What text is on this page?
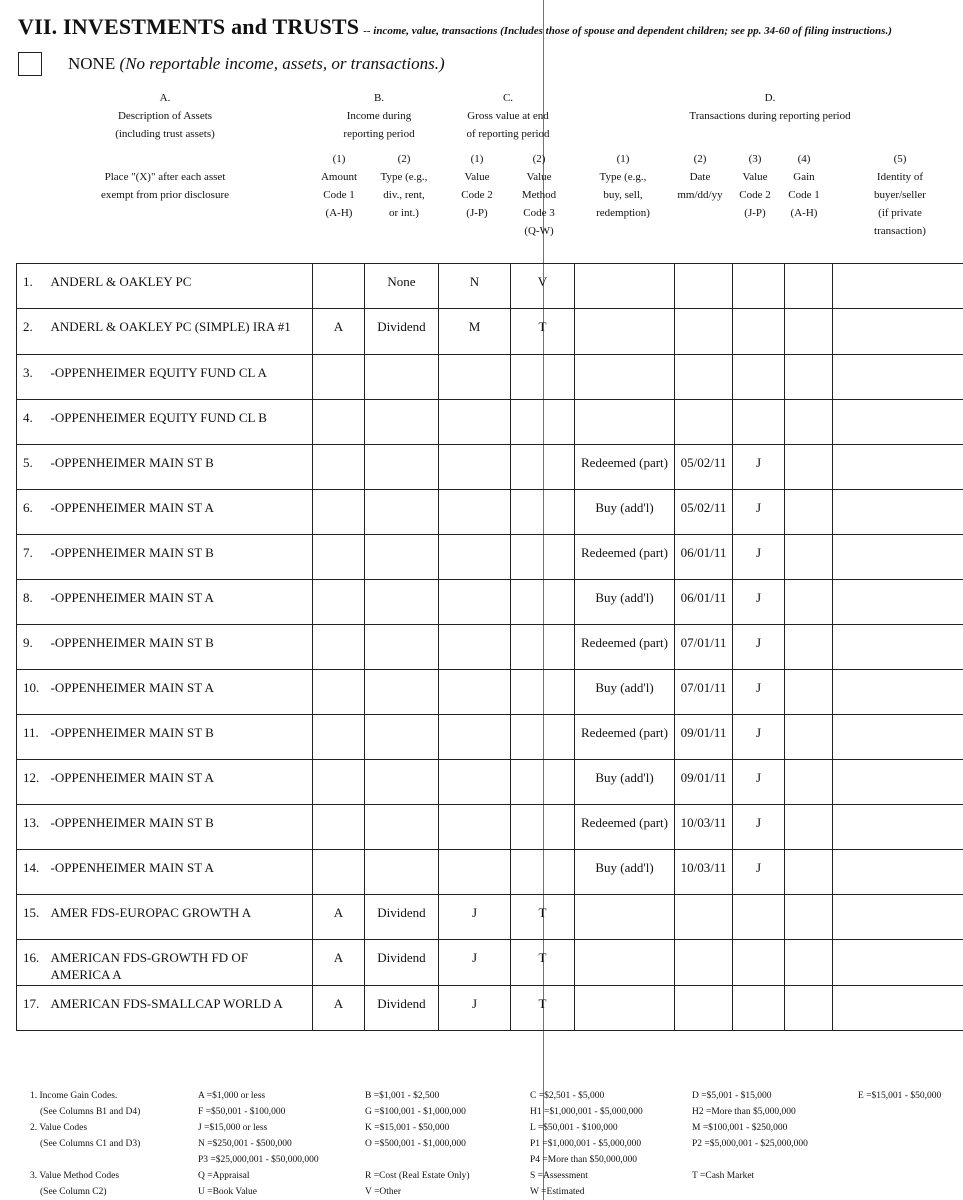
VII. INVESTMENTS and TRUSTS -- income, value, transactions (Includes those of spouse and dependent children; see pp. 34-60 of filing instructions.)
NONE (No reportable income, assets, or transactions.)
A.
Description of Assets
(including trust assets)
Place "(X)" after each asset
exempt from prior disclosure
B.
Income during
reporting period
(1)
Amount
Code 1
(A-H)
(2)
Type (e.g.,
div., rent,
or int.)
C.
Gross value at end
of reporting period
(1)
Value
Code 2
(J-P)
(2)
Value
Method
Code 3
(Q-W)
D.
Transactions during reporting period
(1)
Type (e.g.,
buy, sell,
redemption)
(2)
Date
mm/dd/yy
(3)
Value
Code 2
(J-P)
(4)
Gain
Code 1
(A-H)
(5)
Identity of
buyer/seller
(if private
transaction)
1.	ANDERL & OAKLEY PC		None	N	V					
2.	ANDERL & OAKLEY PC (SIMPLE) IRA #1	A	Dividend	M	T					
3.	-OPPENHEIMER EQUITY FUND CL A									
4.	-OPPENHEIMER EQUITY FUND CL B									
5.	-OPPENHEIMER MAIN ST B					Redeemed (part)	05/02/11	J		
6.	-OPPENHEIMER MAIN ST A					Buy (add'l)	05/02/11	J		
7.	-OPPENHEIMER MAIN ST B					Redeemed (part)	06/01/11	J		
8.	-OPPENHEIMER MAIN ST A					Buy (add'l)	06/01/11	J		
9.	-OPPENHEIMER MAIN ST B					Redeemed (part)	07/01/11	J		
10.	-OPPENHEIMER MAIN ST A					Buy (add'l)	07/01/11	J		
11.	-OPPENHEIMER MAIN ST B					Redeemed (part)	09/01/11	J		
12.	-OPPENHEIMER MAIN ST A					Buy (add'l)	09/01/11	J		
13.	-OPPENHEIMER MAIN ST B					Redeemed (part)	10/03/11	J		
14.	-OPPENHEIMER MAIN ST A					Buy (add'l)	10/03/11	J		
15.	AMER FDS-EUROPAC GROWTH A	A	Dividend	J	T					
16.	AMERICAN FDS-GROWTH FD OF AMERICA A	A	Dividend	J	T					
17.	AMERICAN FDS-SMALLCAP WORLD A	A	Dividend	J	T					
1. Income Gain Codes.
(See Columns B1 and D4)
2. Value Codes
(See Columns C1 and D3)

3. Value Method Codes
(See Column C2)
A =$1,000 or less
F =$50,001 - $100,000
J =$15,000 or less
N =$250,001 - $500,000
P3 =$25,000,001 - $50,000,000
Q =Appraisal
U =Book Value
B =$1,001 - $2,500
G =$100,001 - $1,000,000
K =$15,001 - $50,000
O =$500,001 - $1,000,000

R =Cost (Real Estate Only)
V =Other
C =$2,501 - $5,000
H1 =$1,000,001 - $5,000,000
L =$50,001 - $100,000
P1 =$1,000,001 - $5,000,000
P4 =More than $50,000,000
S =Assessment
W =Estimated
D =$5,001 - $15,000
H2 =More than $5,000,000
M =$100,001 - $250,000
P2 =$5,000,001 - $25,000,000

T =Cash Market
E =$15,001 - $50,000
